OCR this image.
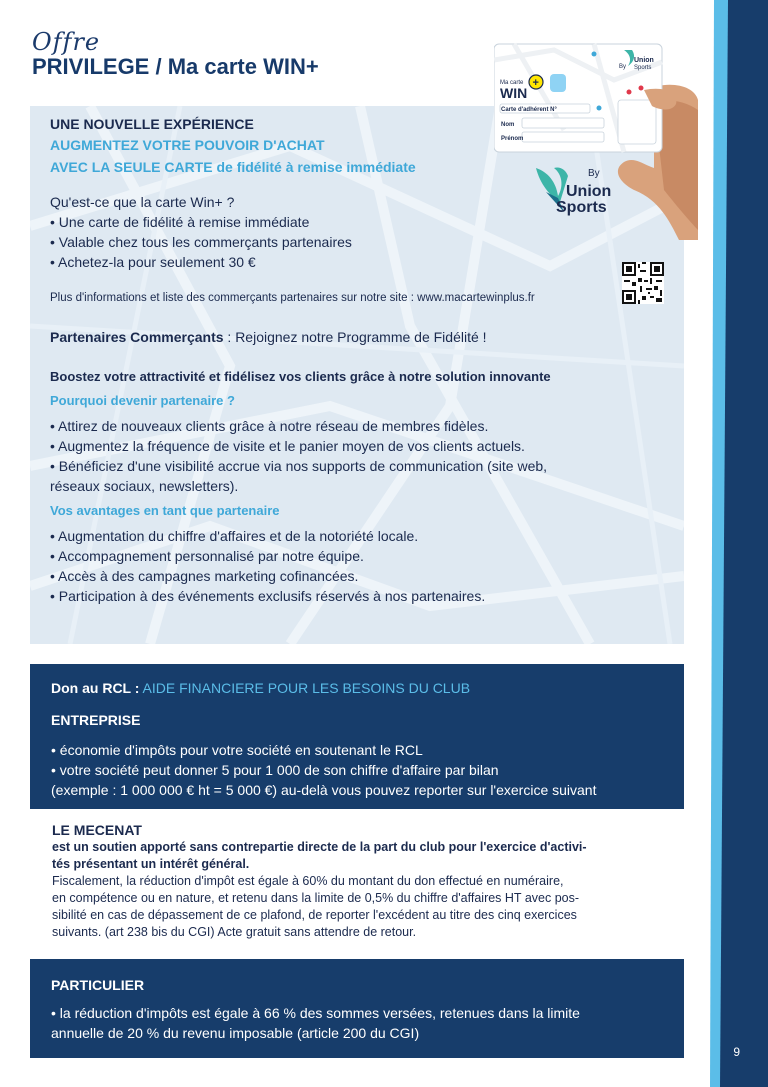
9
Offre
PRIVILEGE / Ma carte WIN+
UNE NOUVELLE EXPÉRIENCE
AUGMENTEZ VOTRE POUVOIR D'ACHAT
AVEC LA SEULE CARTE de fidélité à remise immédiate
Qu'est-ce que la carte Win+ ?
• Une carte de fidélité à remise immédiate
• Valable chez tous les commerçants partenaires
• Achetez-la pour seulement 30 €
Plus d'informations et liste des commerçants partenaires sur notre site : www.macartewinplus.fr
Partenaires Commerçants : Rejoignez notre Programme de Fidélité !
Boostez votre attractivité et fidélisez vos clients grâce à notre solution innovante
Pourquoi devenir partenaire ?
• Attirez de nouveaux clients grâce à notre réseau de membres fidèles.
• Augmentez la fréquence de visite et le panier moyen de vos clients actuels.
• Bénéficiez d'une visibilité accrue via nos supports de communication (site web,
réseaux sociaux, newsletters).
Vos avantages en tant que partenaire
• Augmentation du chiffre d'affaires et de la notoriété locale.
• Accompagnement personnalisé par notre équipe.
• Accès à des campagnes marketing cofinancées.
• Participation à des événements exclusifs réservés à nos partenaires.
+
Ma carte
WIN
By
Union
Sports
Carte d'adhérent N°
Nom
Prénom
By
Union
Sports
Don au RCL : AIDE FINANCIERE POUR LES BESOINS DU CLUB
ENTREPRISE
• économie d'impôts pour votre société en soutenant le RCL
• votre société peut donner 5 pour 1 000 de son chiffre d'affaire par bilan
(exemple : 1 000 000 € ht = 5 000 €) au-delà vous pouvez reporter sur l'exercice suivant
LE MECENAT
est un soutien apporté sans contrepartie directe de la part du club pour l'exercice d'activi-
tés présentant un intérêt général.
Fiscalement, la réduction d'impôt est égale à 60% du montant du don effectué en numéraire,
en compétence ou en nature, et retenu dans la limite de 0,5% du chiffre d'affaires HT avec pos-
sibilité en cas de dépassement de ce plafond, de reporter l'excédent au titre des cinq exercices
suivants. (art 238 bis du CGI) Acte gratuit sans attendre de retour.
PARTICULIER
• la réduction d'impôts est égale à 66 % des sommes versées, retenues dans la limite
annuelle de 20 % du revenu imposable (article 200 du CGI)
